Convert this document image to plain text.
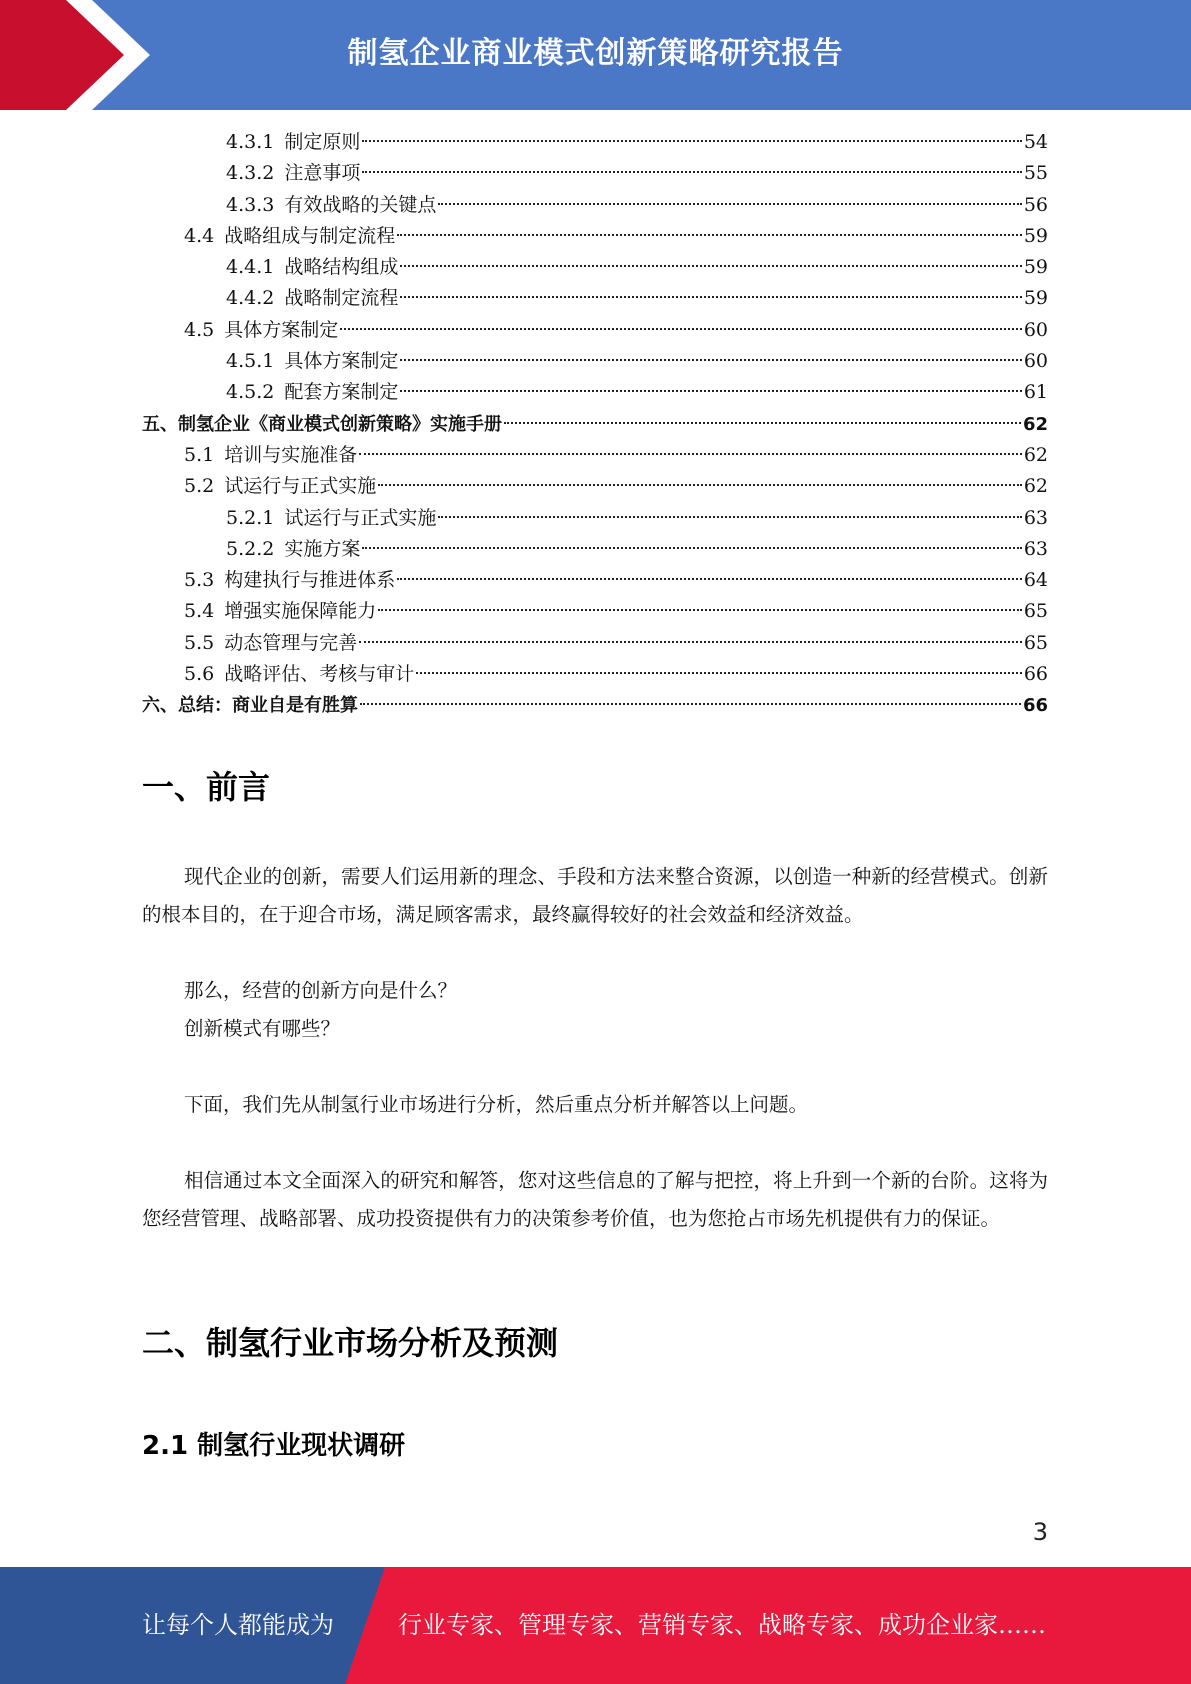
制氢企业商业模式创新策略研究报告
4.3.1 制定原则	54
4.3.2 注意事项	55
4.3.3 有效战略的关键点	56
4.4 战略组成与制定流程	59
4.4.1 战略结构组成	59
4.4.2 战略制定流程	59
4.5 具体方案制定	60
4.5.1 具体方案制定	60
4.5.2 配套方案制定	61
五、制氢企业《商业模式创新策略》实施手册	62
5.1 培训与实施准备	62
5.2 试运行与正式实施	62
5.2.1 试运行与正式实施	63
5.2.2 实施方案	63
5.3 构建执行与推进体系	64
5.4 增强实施保障能力	65
5.5 动态管理与完善	65
5.6 战略评估、考核与审计	66
六、总结：商业自是有胜算	66
一、前言
现代企业的创新，需要人们运用新的理念、手段和方法来整合资源，以创造一种新的经营模式。创新的根本目的，在于迎合市场，满足顾客需求，最终赢得较好的社会效益和经济效益。
那么，经营的创新方向是什么？
创新模式有哪些？
下面，我们先从制氢行业市场进行分析，然后重点分析并解答以上问题。
相信通过本文全面深入的研究和解答，您对这些信息的了解与把控，将上升到一个新的台阶。这将为您经营管理、战略部署、成功投资提供有力的决策参考价值，也为您抢占市场先机提供有力的保证。
二、制氢行业市场分析及预测
2.1 制氢行业现状调研
3
让每个人都能成为	行业专家、管理专家、营销专家、战略专家、成功企业家……
